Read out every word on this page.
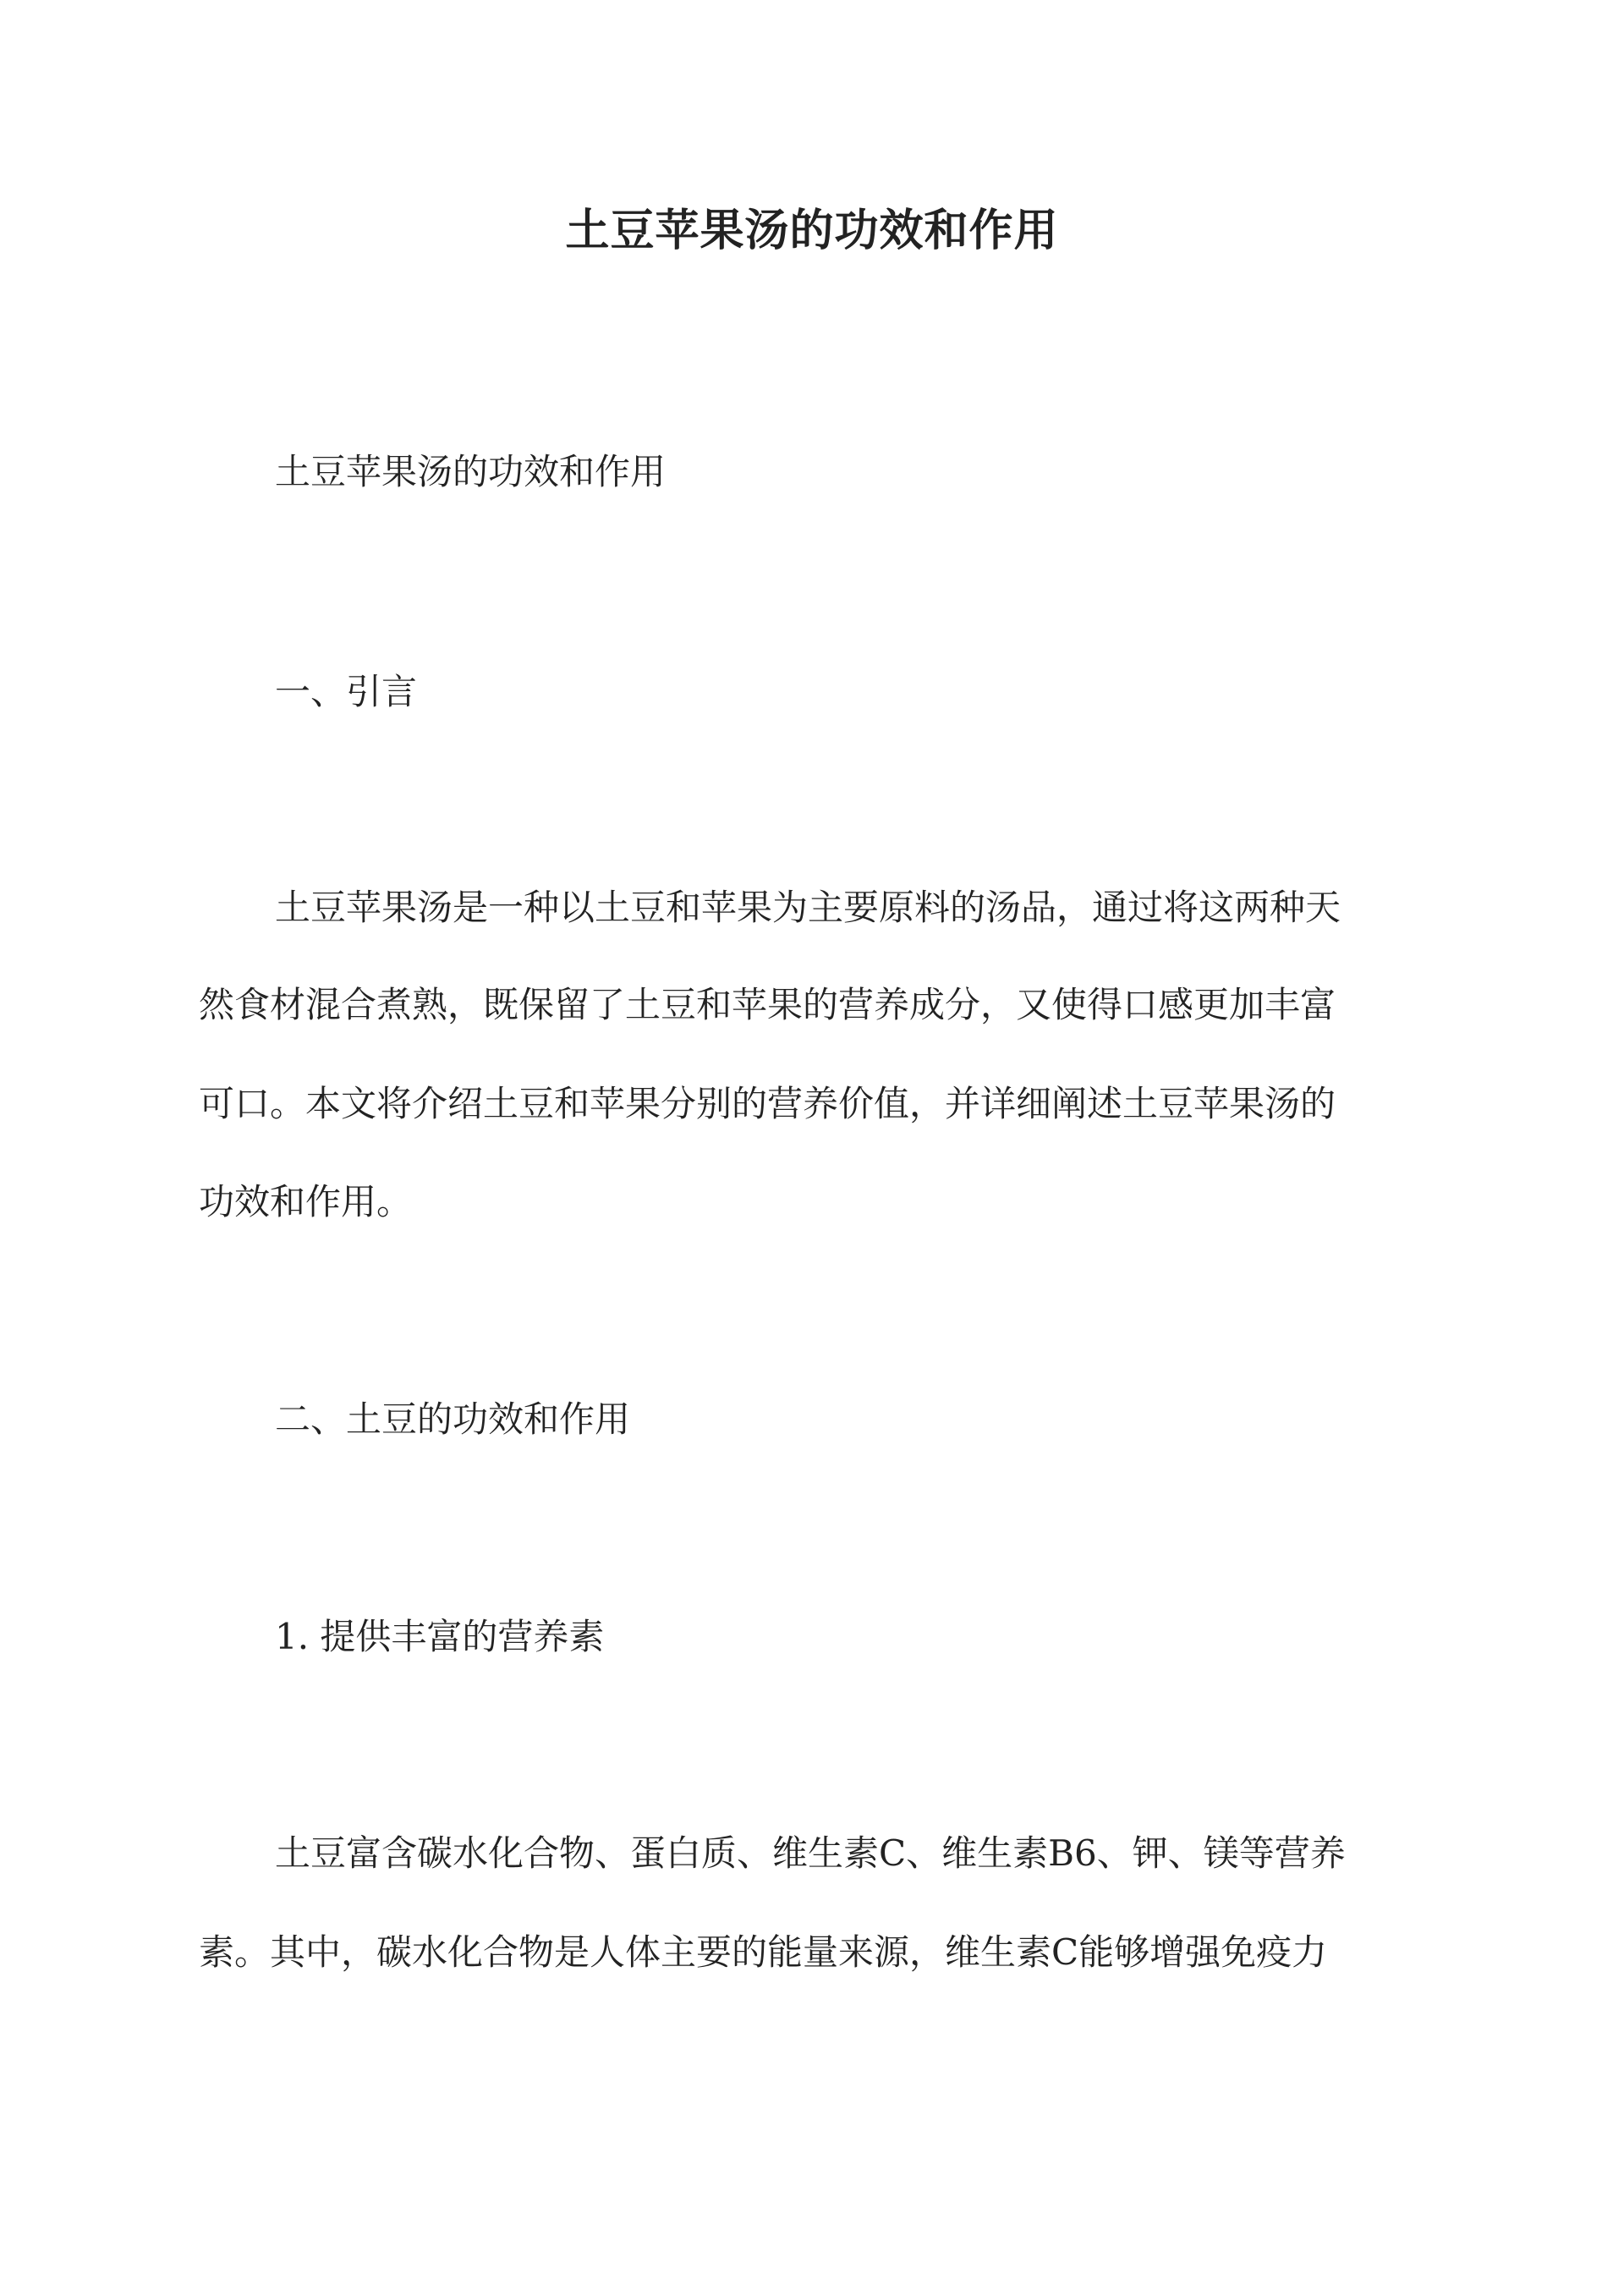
土豆苹果汤的功效和作用
土豆苹果汤的功效和作用
一、引言
土豆苹果汤是一种以土豆和苹果为主要原料的汤品，通过将这两种天
然食材混合煮熟，既保留了土豆和苹果的营养成分，又使得口感更加丰富
可口。本文将介绍土豆和苹果分别的营养价值，并详细阐述土豆苹果汤的
功效和作用。
二、土豆的功效和作用
1. 提供丰富的营养素
土豆富含碳水化合物、蛋白质、维生素C、维生素B6、钾、镁等营养
素。其中，碳水化合物是人体主要的能量来源，维生素C能够增强免疫力
